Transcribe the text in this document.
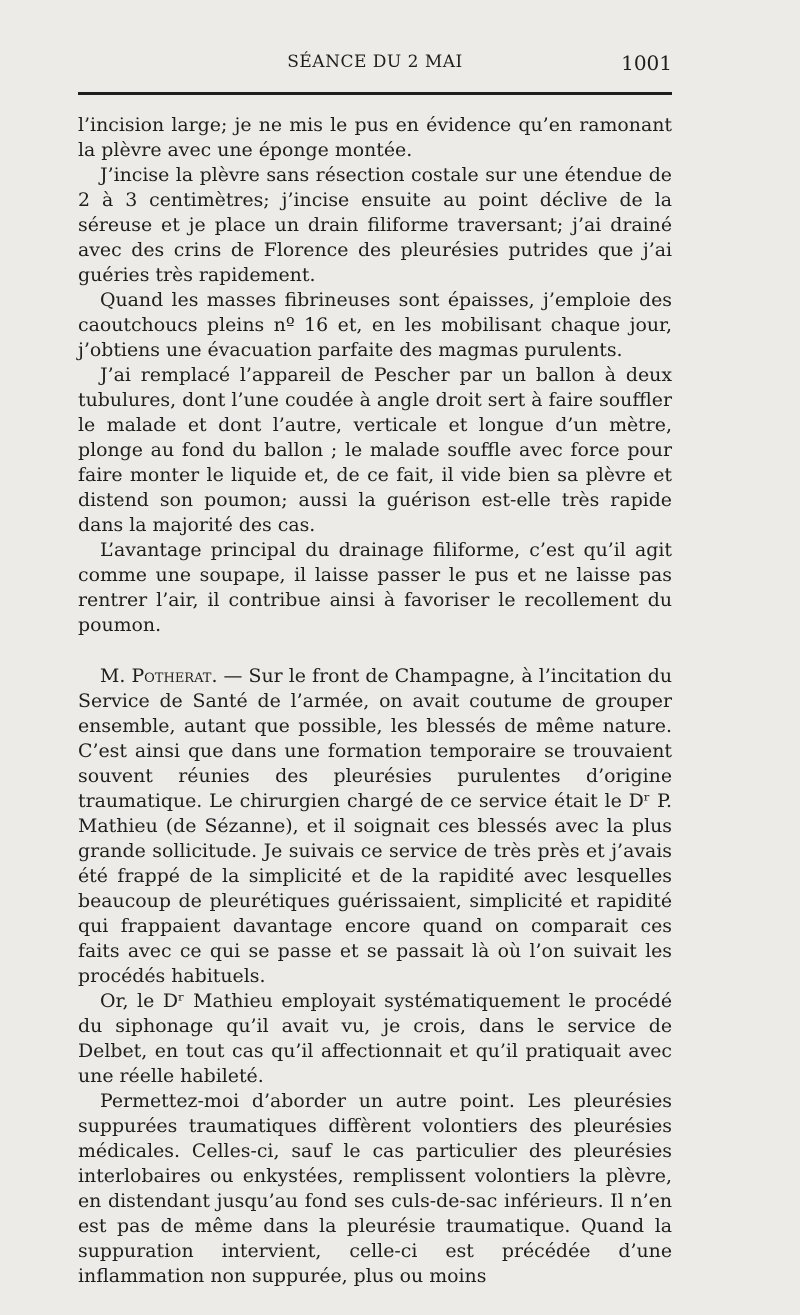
SÉANCE DU 2 MAI	1001

l’incision large; je ne mis le pus en évidence qu’en ramonant la plèvre avec une éponge montée.

J’incise la plèvre sans résection costale sur une étendue de 2 à 3 centimètres; j’incise ensuite au point déclive de la séreuse et je place un drain filiforme traversant; j’ai drainé avec des crins de Florence des pleurésies putrides que j’ai guéries très rapidement.

Quand les masses fibrineuses sont épaisses, j’emploie des caoutchoucs pleins nº 16 et, en les mobilisant chaque jour, j’obtiens une évacuation parfaite des magmas purulents.

J’ai remplacé l’appareil de Pescher par un ballon à deux tubulures, dont l’une coudée à angle droit sert à faire souffler le malade et dont l’autre, verticale et longue d’un mètre, plonge au fond du ballon ; le malade souffle avec force pour faire monter le liquide et, de ce fait, il vide bien sa plèvre et distend son poumon; aussi la guérison est-elle très rapide dans la majorité des cas.

L’avantage principal du drainage filiforme, c’est qu’il agit comme une soupape, il laisse passer le pus et ne laisse pas rentrer l’air, il contribue ainsi à favoriser le recollement du poumon.

M. Potherat. — Sur le front de Champagne, à l’incitation du Service de Santé de l’armée, on avait coutume de grouper ensemble, autant que possible, les blessés de même nature. C’est ainsi que dans une formation temporaire se trouvaient souvent réunies des pleurésies purulentes d’origine traumatique. Le chirurgien chargé de ce service était le Dʳ P. Mathieu (de Sézanne), et il soignait ces blessés avec la plus grande sollicitude. Je suivais ce service de très près et j’avais été frappé de la simplicité et de la rapidité avec lesquelles beaucoup de pleurétiques guérissaient, simplicité et rapidité qui frappaient davantage encore quand on comparait ces faits avec ce qui se passe et se passait là où l’on suivait les procédés habituels.

Or, le Dʳ Mathieu employait systématiquement le procédé du siphonage qu’il avait vu, je crois, dans le service de Delbet, en tout cas qu’il affectionnait et qu’il pratiquait avec une réelle habileté.

Permettez-moi d’aborder un autre point. Les pleurésies suppurées traumatiques diffèrent volontiers des pleurésies médicales. Celles-ci, sauf le cas particulier des pleurésies interlobaires ou enkystées, remplissent volontiers la plèvre, en distendant jusqu’au fond ses culs-de-sac inférieurs. Il n’en est pas de même dans la pleurésie traumatique. Quand la suppuration intervient, celle-ci est précédée d’une inflammation non suppurée, plus ou moins
